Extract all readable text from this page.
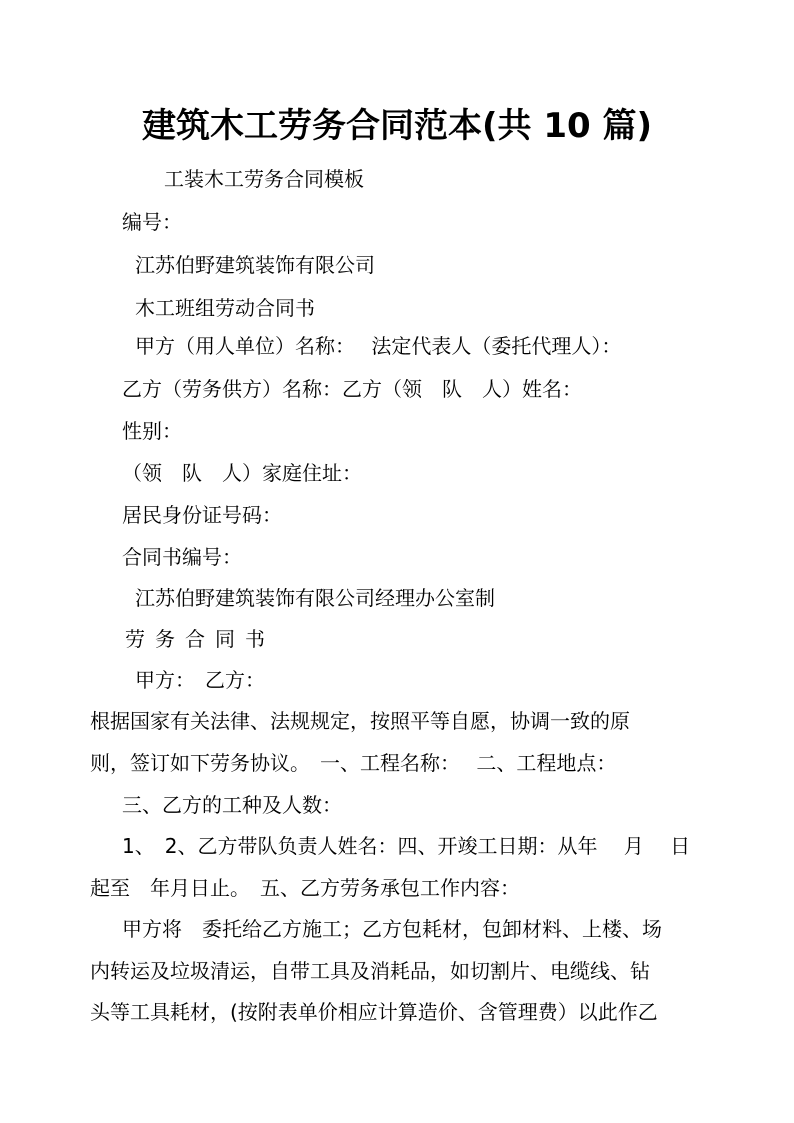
建筑木工劳务合同范本(共 10 篇)
工装木工劳务合同模板
编号：
江苏伯野建筑装饰有限公司
木工班组劳动合同书
甲方（用人单位）名称：　 法定代表人（委托代理人）：
乙方（劳务供方）名称：乙方（领　队　人）姓名：
性别：
（领　队　人）家庭住址：
居民身份证号码：
合同书编号：
江苏伯野建筑装饰有限公司经理办公室制
劳务合同书
甲方：　乙方：
根据国家有关法律、法规规定，按照平等自愿，协调一致的原
则，签订如下劳务协议。　一、工程名称：　 二、工程地点：
三、乙方的工种及人数：
1、　2、乙方带队负责人姓名：四、开竣工日期：从年　 月　 日
起至　年月日止。　五、乙方劳务承包工作内容：
甲方将　委托给乙方施工；乙方包耗材，包卸材料、上楼、场
内转运及垃圾清运，自带工具及消耗品，如切割片、电缆线、钻
头等工具耗材，(按附表单价相应计算造价、含管理费）以此作乙
